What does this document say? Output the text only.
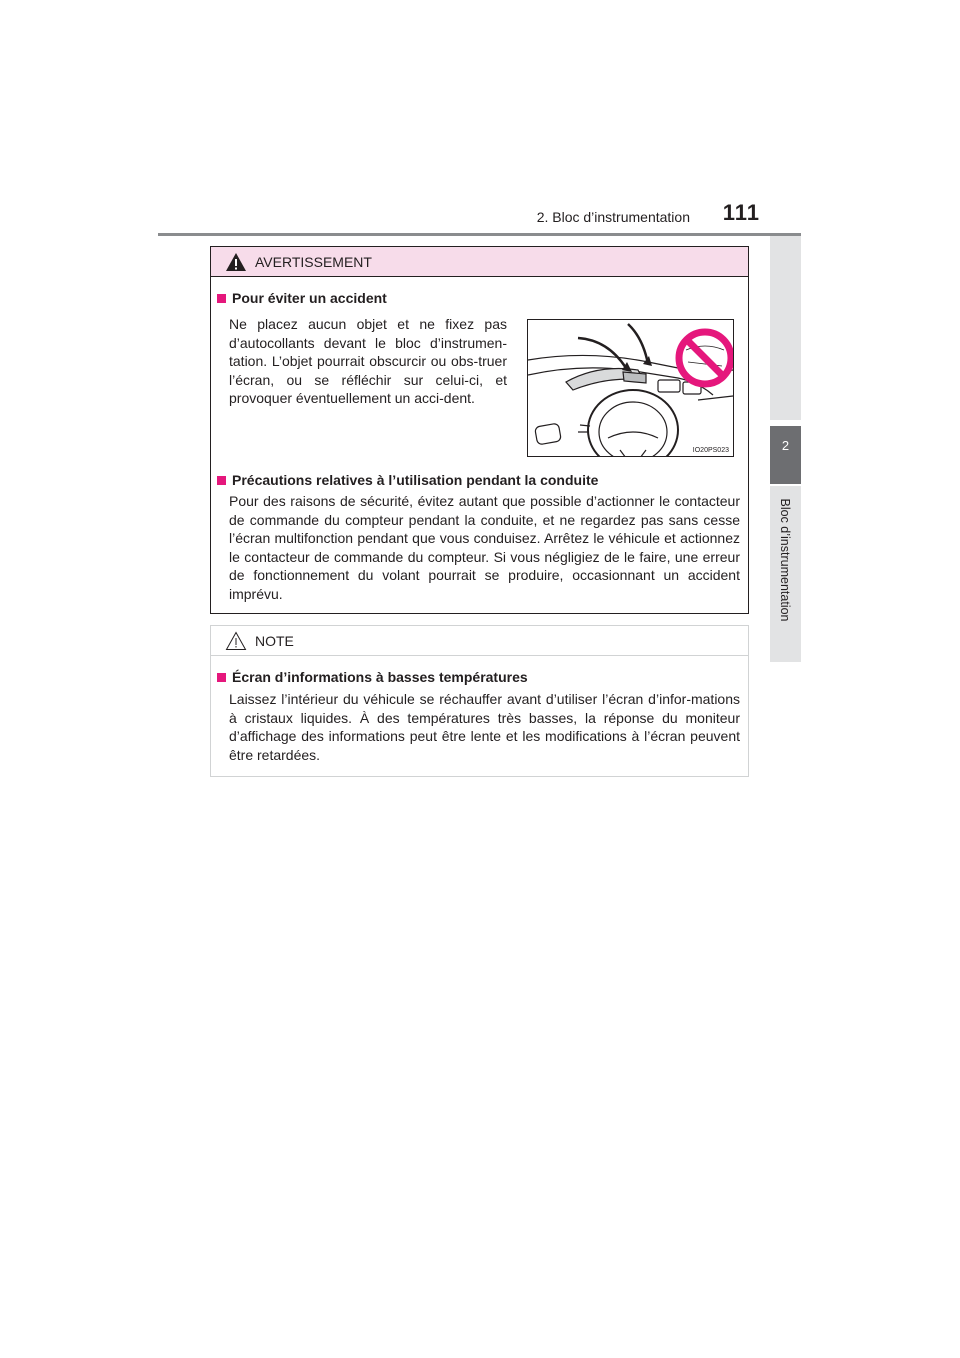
2. Bloc d’instrumentation	111
2
Bloc d’instrumentation
AVERTISSEMENT
Pour éviter un accident
Ne placez aucun objet et ne fixez pas d’autocollants devant le bloc d’instrumen-tation. L’objet pourrait obscurcir ou obs-truer l’écran, ou se réfléchir sur celui-ci, et provoquer éventuellement un acci-dent.
IO20PS023
Précautions relatives à l’utilisation pendant la conduite
Pour des raisons de sécurité, évitez autant que possible d’actionner le contacteur de commande du compteur pendant la conduite, et ne regardez pas sans cesse l’écran multifonction pendant que vous conduisez. Arrêtez le véhicule et actionnez le contacteur de commande du compteur. Si vous négligiez de le faire, une erreur de fonctionnement du volant pourrait se produire, occasionnant un accident imprévu.
NOTE
Écran d’informations à basses températures
Laissez l’intérieur du véhicule se réchauffer avant d’utiliser l’écran d’infor-mations à cristaux liquides. À des températures très basses, la réponse du moniteur d’affichage des informations peut être lente et les modifications à l’écran peuvent être retardées.
